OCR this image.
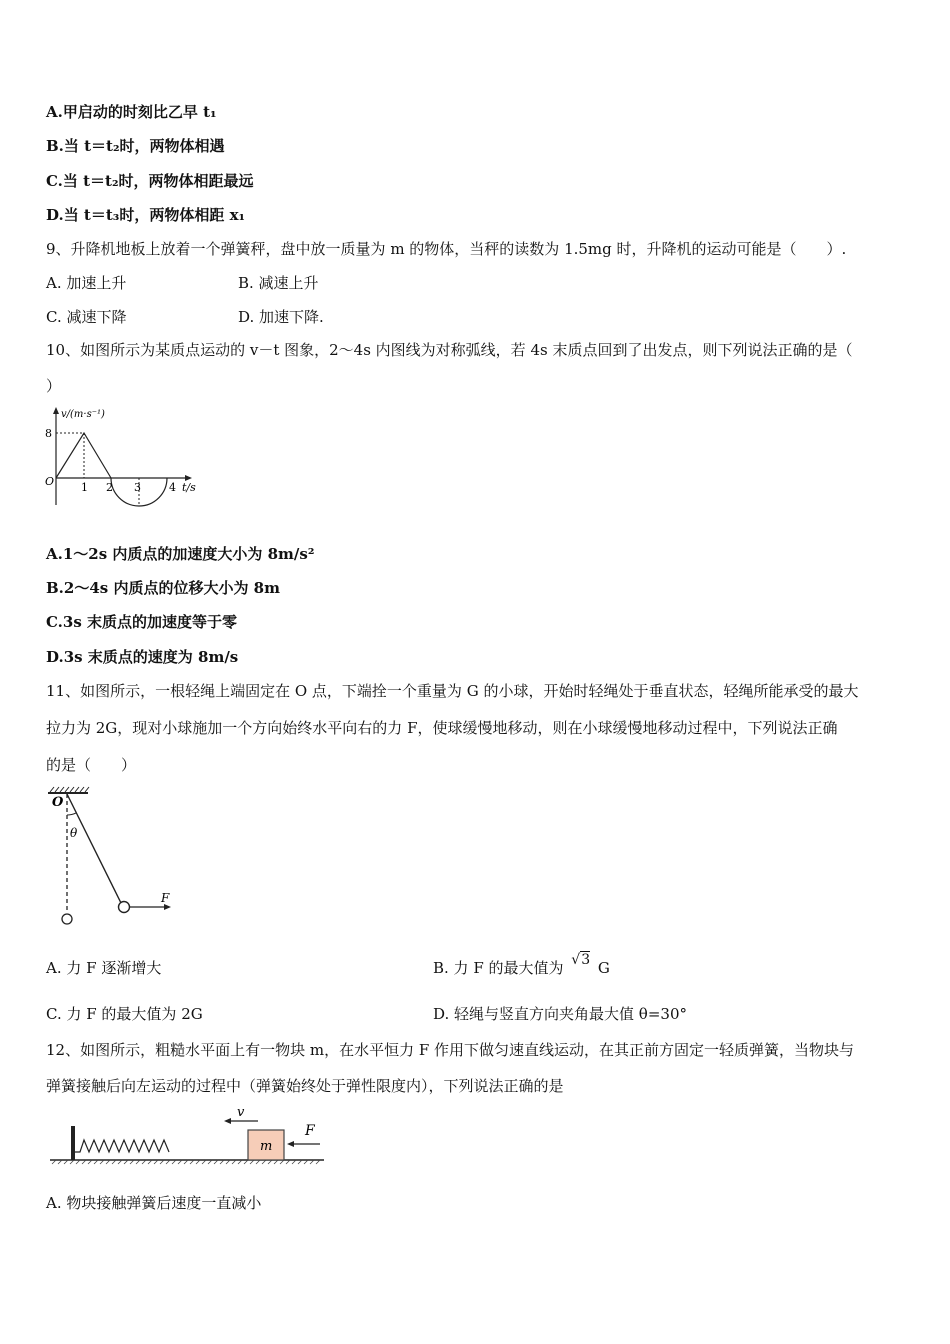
A.甲启动的时刻比乙早 t₁
B.当 t＝t₂时，两物体相遇
C.当 t＝t₂时，两物体相距最远
D.当 t＝t₃时，两物体相距 x₁
9、升降机地板上放着一个弹簧秤，盘中放一质量为 m 的物体，当秤的读数为 1.5mg 时，升降机的运动可能是（　　）.
A. 加速上升	B. 减速上升
C. 减速下降	D. 加速下降.
10、如图所示为某质点运动的 v－t 图象，2～4s 内图线为对称弧线，若 4s 末质点回到了出发点，则下列说法正确的是（
）
v/(m·s⁻¹)
8
O 1 2 3	4 t/s
A.1～2s 内质点的加速度大小为 8m/s²
B.2～4s 内质点的位移大小为 8m
C.3s 末质点的加速度等于零
D.3s 末质点的速度为 8m/s
11、如图所示，一根轻绳上端固定在 O 点，下端拴一个重量为 G 的小球，开始时轻绳处于垂直状态，轻绳所能承受的最大
拉力为 2G，现对小球施加一个方向始终水平向右的力 F，使球缓慢地移动，则在小球缓慢地移动过程中，下列说法正确
的是（　　）
O
θ
F
A. 力 F 逐渐增大	B. 力 F 的最大值为 √3 G
C. 力 F 的最大值为 2G	D. 轻绳与竖直方向夹角最大值 θ=30°
12、如图所示，粗糙水平面上有一物块 m，在水平恒力 F 作用下做匀速直线运动，在其正前方固定一轻质弹簧，当物块与
弹簧接触后向左运动的过程中（弹簧始终处于弹性限度内），下列说法正确的是
m
v
F
A. 物块接触弹簧后速度一直减小
